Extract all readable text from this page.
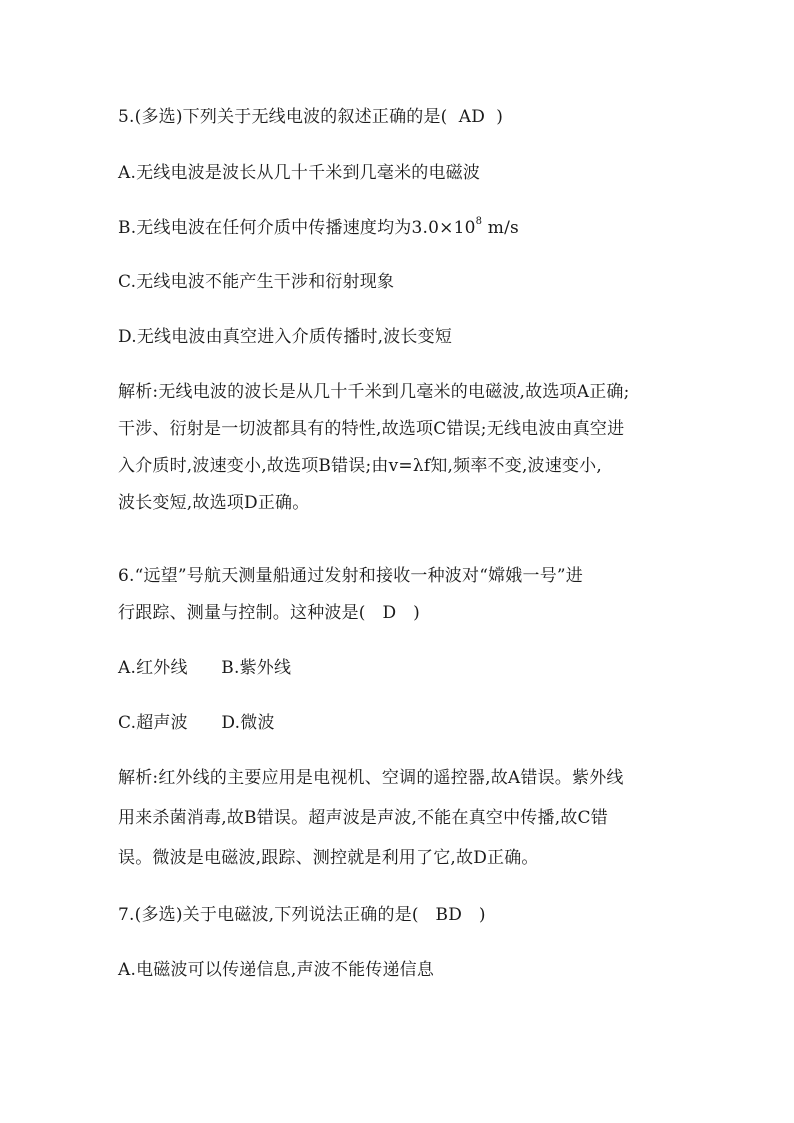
5.(多选)下列关于无线电波的叙述正确的是( AD )
A.无线电波是波长从几十千米到几毫米的电磁波
B.无线电波在任何介质中传播速度均为$3.0\times 10^8$ m/s
C.无线电波不能产生干涉和衍射现象
D.无线电波由真空进入介质传播时,波长变短
解析:无线电波的波长是从几十千米到几毫米的电磁波,故选项A正确;
干涉、衍射是一切波都具有的特性,故选项C错误;无线电波由真空进
入介质时,波速变小,故选项B错误;由v=λf知,频率不变,波速变小,
波长变短,故选项D正确。
6.“远望”号航天测量船通过发射和接收一种波对“嫦娥一号”进
行跟踪、测量与控制。这种波是( D )
A.红外线      B.紫外线
C.超声波      D.微波
解析:红外线的主要应用是电视机、空调的遥控器,故A错误。紫外线
用来杀菌消毒,故B错误。超声波是声波,不能在真空中传播,故C错
误。微波是电磁波,跟踪、测控就是利用了它,故D正确。
7.(多选)关于电磁波,下列说法正确的是( BD )
A.电磁波可以传递信息,声波不能传递信息
